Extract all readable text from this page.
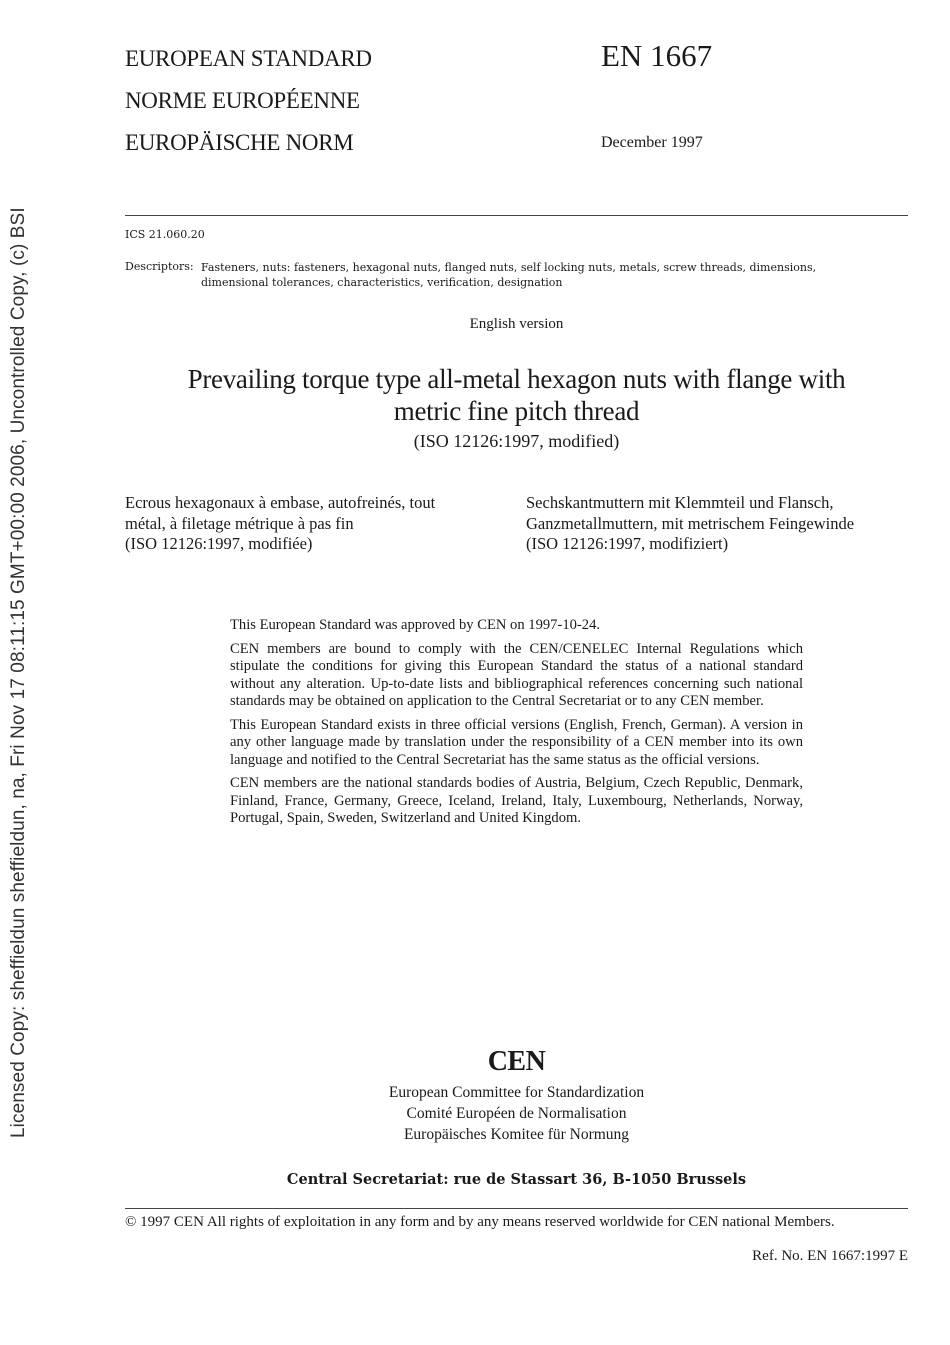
Licensed Copy: sheffieldun sheffieldun, na, Fri Nov 17 08:11:15 GMT+00:00 2006, Uncontrolled Copy, (c) BSI
EUROPEAN STANDARD
NORME EUROPÉENNE
EUROPÄISCHE NORM
EN 1667
December 1997
ICS 21.060.20
Descriptors: Fasteners, nuts: fasteners, hexagonal nuts, flanged nuts, self locking nuts, metals, screw threads, dimensions,
dimensional tolerances, characteristics, verification, designation
English version
Prevailing torque type all-metal hexagon nuts with flange with
metric fine pitch thread
(ISO 12126:1997, modified)
Ecrous hexagonaux à embase, autofreinés, tout
métal, à filetage métrique à pas fin
(ISO 12126:1997, modifiée)
Sechskantmuttern mit Klemmteil und Flansch,
Ganzmetallmuttern, mit metrischem Feingewinde
(ISO 12126:1997, modifiziert)

This European Standard was approved by CEN on 1997-10-24.

CEN members are bound to comply with the CEN/CENELEC Internal Regulations which stipulate the conditions for giving this European Standard the status of a national standard without any alteration. Up-to-date lists and bibliographical references concerning such national standards may be obtained on application to the Central Secretariat or to any CEN member.

This European Standard exists in three official versions (English, French, German). A version in any other language made by translation under the responsibility of a CEN member into its own language and notified to the Central Secretariat has the same status as the official versions.

CEN members are the national standards bodies of Austria, Belgium, Czech Republic, Denmark, Finland, France, Germany, Greece, Iceland, Ireland, Italy, Luxembourg, Netherlands, Norway, Portugal, Spain, Sweden, Switzerland and United Kingdom.

CEN
European Committee for Standardization
Comité Européen de Normalisation
Europäisches Komitee für Normung
Central Secretariat: rue de Stassart 36, B-1050 Brussels
© 1997 CEN All rights of exploitation in any form and by any means reserved worldwide for CEN national Members.
Ref. No. EN 1667:1997 E
